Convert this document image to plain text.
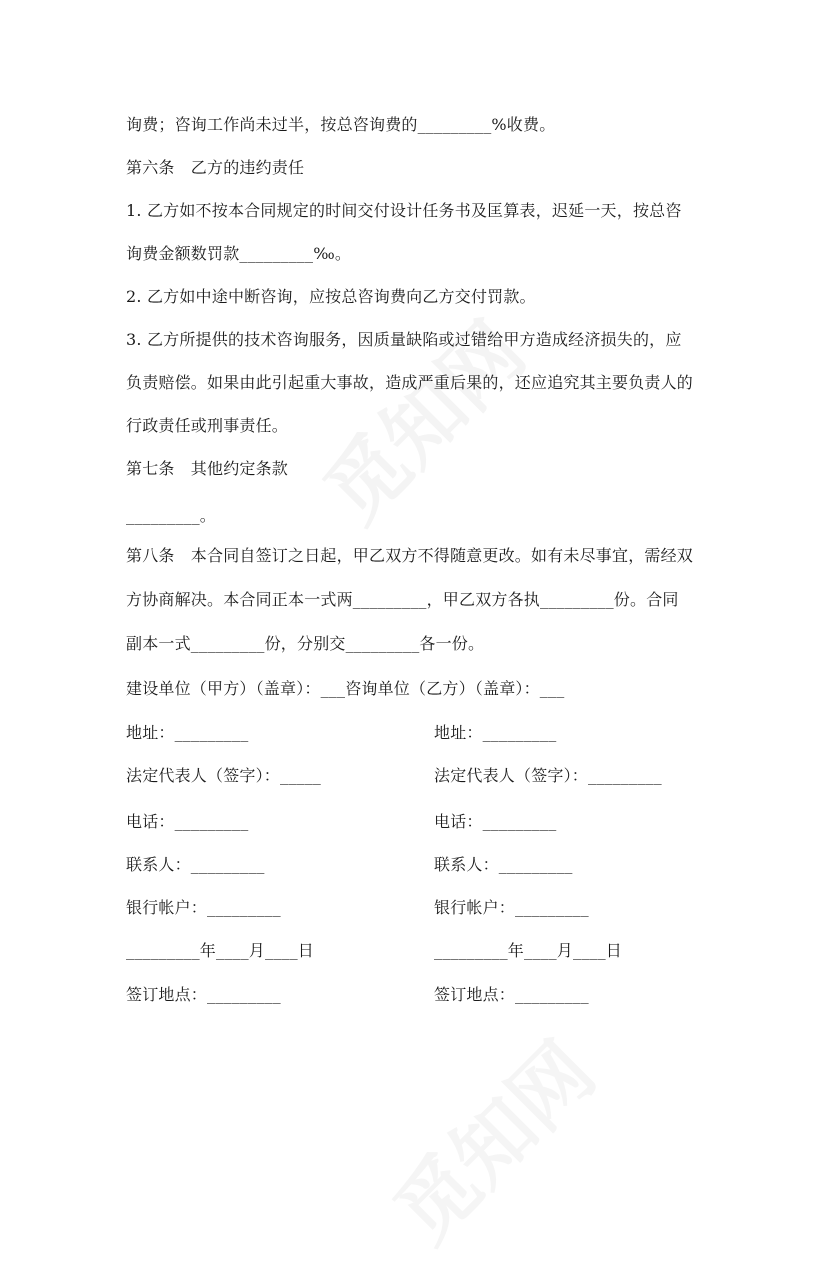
询费；咨询工作尚未过半，按总咨询费的_________%收费。
第六条　乙方的违约责任
1. 乙方如不按本合同规定的时间交付设计任务书及匡算表，迟延一天，按总咨
询费金额数罚款_________‰。
2. 乙方如中途中断咨询，应按总咨询费向乙方交付罚款。
3. 乙方所提供的技术咨询服务，因质量缺陷或过错给甲方造成经济损失的，应
负责赔偿。如果由此引起重大事故，造成严重后果的，还应追究其主要负责人的
行政责任或刑事责任。
第七条　其他约定条款
_________。
第八条　本合同自签订之日起，甲乙双方不得随意更改。如有未尽事宜，需经双
方协商解决。本合同正本一式两_________，甲乙双方各执_________份。合同
副本一式_________份，分别交_________各一份。
建设单位（甲方）（盖章）：___咨询单位（乙方）（盖章）：___
地址：_________	地址：_________
法定代表人（签字）：_____	法定代表人（签字）：_________
电话：_________	电话：_________
联系人：_________	联系人：_________
银行帐户：_________	银行帐户：_________
_________年____月____日	_________年____月____日
签订地点：_________	签订地点：_________
